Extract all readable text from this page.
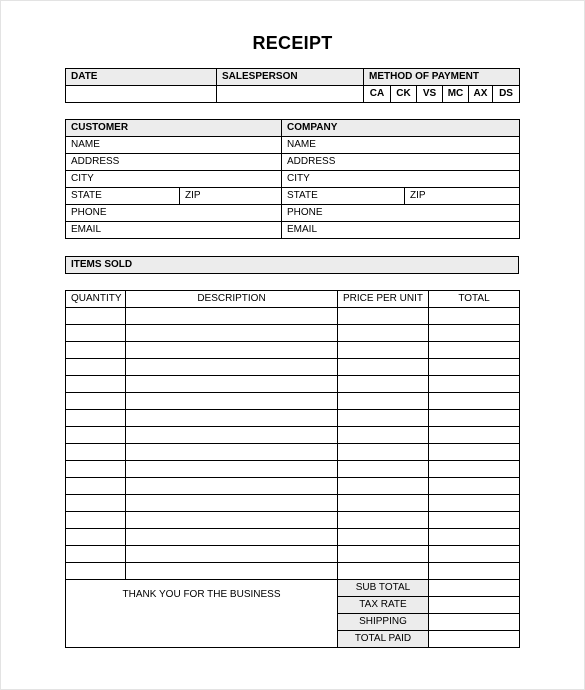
RECEIPT
DATE	SALESPERSON	METHOD OF PAYMENT					
		CA	CK	VS	MC	AX	DS
CUSTOMER		COMPANY	
NAME		NAME	
ADDRESS		ADDRESS	
CITY		CITY	
STATE	ZIP	STATE	ZIP
PHONE		PHONE	
EMAIL		EMAIL	
ITEMS SOLD
QUANTITY	DESCRIPTION	PRICE PER UNIT	TOTAL

THANK YOU FOR THE BUSINESS		SUB TOTAL	
		TAX RATE	
		SHIPPING	
		TOTAL PAID	
